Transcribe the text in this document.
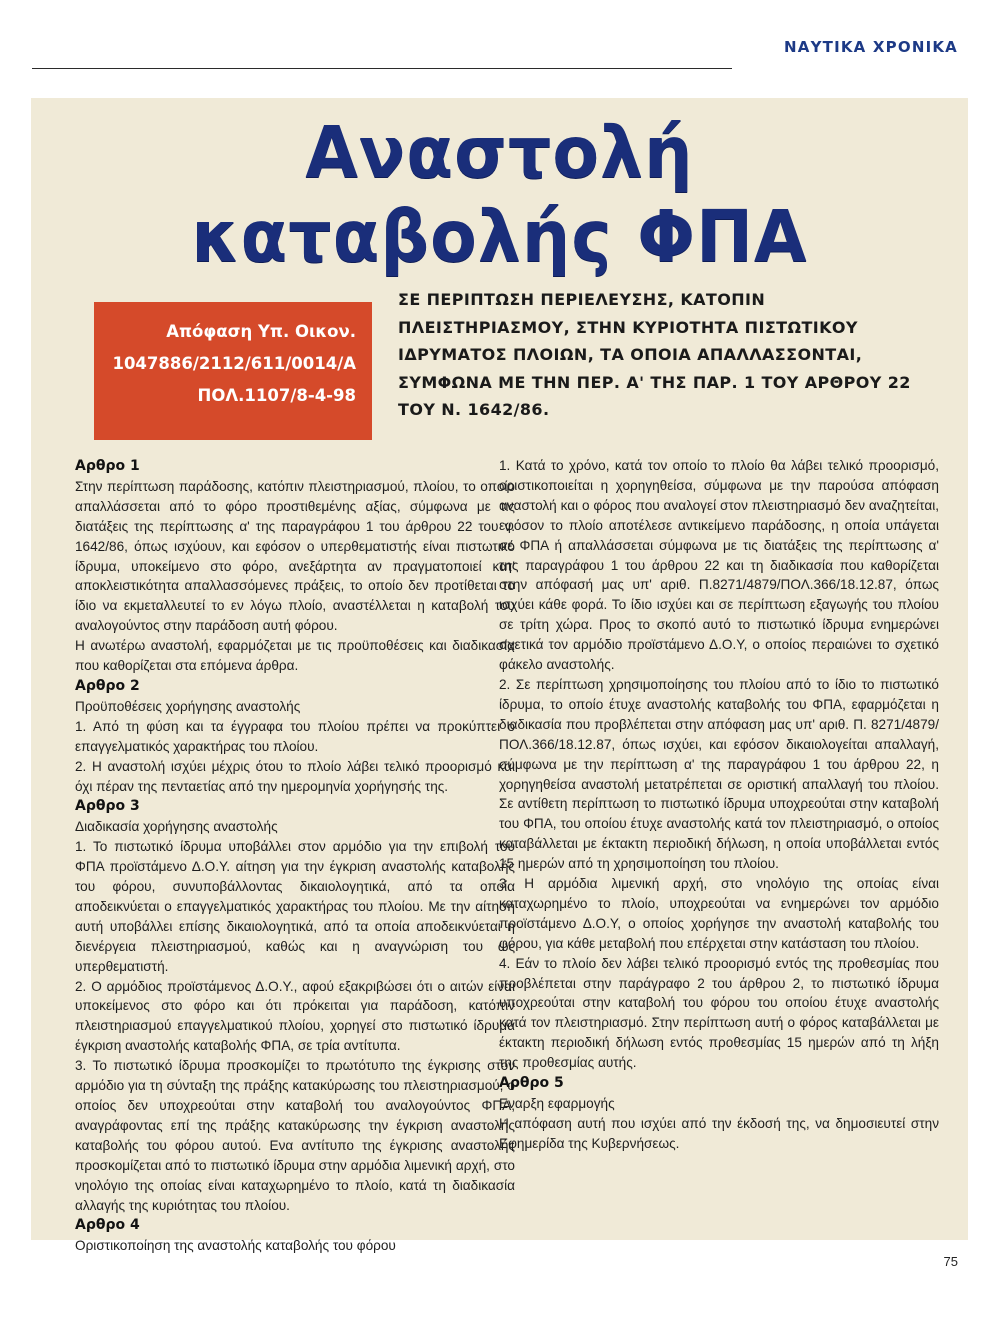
ΝΑΥΤΙΚΑ ΧΡΟΝΙΚΑ
Αναστολή
καταβολής ΦΠΑ
Απόφαση Υπ. Οικον.
1047886/2112/611/0014/Α
ΠΟΛ.1107/8-4-98
ΣΕ ΠΕΡΙΠΤΩΣΗ ΠΕΡΙΕΛΕΥΣΗΣ, ΚΑΤΟΠΙΝ ΠΛΕΙΣΤΗΡΙΑΣΜΟΥ, ΣΤΗΝ ΚΥΡΙΟΤΗΤΑ ΠΙΣΤΩΤΙΚΟΥ ΙΔΡΥΜΑΤΟΣ ΠΛΟΙΩΝ, ΤΑ ΟΠΟΙΑ ΑΠΑΛΛΑΣΣΟΝΤΑΙ, ΣΥΜΦΩΝΑ ΜΕ ΤΗΝ ΠΕΡ. Α' ΤΗΣ ΠΑΡ. 1 ΤΟΥ ΑΡΘΡΟΥ 22 ΤΟΥ Ν. 1642/86.

Αρθρο 1

Στην περίπτωση παράδοσης, κατόπιν πλειστηριασμού, πλοίου, το οποίο απαλλάσσεται από το φόρο προστιθεμένης αξίας, σύμφωνα με τις διατάξεις της περίπτωσης α' της παραγράφου 1 του άρθρου 22 του ν. 1642/86, όπως ισχύουν, και εφόσον ο υπερθεματιστής είναι πιστωτικό ίδρυμα, υποκείμενο στο φόρο, ανεξάρτητα αν πραγματοποιεί κατ' αποκλειστικότητα απαλλασσόμενες πράξεις, το οποίο δεν προτίθεται το ίδιο να εκμεταλλευτεί το εν λόγω πλοίο, αναστέλλεται η καταβολή του αναλογούντος στην παράδοση αυτή φόρου.

Η ανωτέρω αναστολή, εφαρμόζεται με τις προϋποθέσεις και διαδικασία που καθορίζεται στα επόμενα άρθρα.

Αρθρο 2

Προϋποθέσεις χορήγησης αναστολής

1. Από τη φύση και τα έγγραφα του πλοίου πρέπει να προκύπτει ο επαγγελματικός χαρακτήρας του πλοίου.

2. Η αναστολή ισχύει μέχρις ότου το πλοίο λάβει τελικό προορισμό και όχι πέραν της πενταετίας από την ημερομηνία χορήγησής της.

Αρθρο 3

Διαδικασία χορήγησης αναστολής

1. Το πιστωτικό ίδρυμα υποβάλλει στον αρμόδιο για την επιβολή του ΦΠΑ προϊστάμενο Δ.Ο.Υ. αίτηση για την έγκριση αναστολής καταβολής του φόρου, συνυποβάλλοντας δικαιολογητικά, από τα οποία αποδεικνύεται ο επαγγελματικός χαρακτήρας του πλοίου. Με την αίτηση αυτή υποβάλλει επίσης δικαιολογητικά, από τα οποία αποδεικνύεται η διενέργεια πλειστηριασμού, καθώς και η αναγνώριση του ως υπερθεματιστή.

2. Ο αρμόδιος προϊστάμενος Δ.Ο.Υ., αφού εξακριβώσει ότι ο αιτών είναι υποκείμενος στο φόρο και ότι πρόκειται για παράδοση, κατόπιν πλειστηριασμού επαγγελματικού πλοίου, χορηγεί στο πιστωτικό ίδρυμα έγκριση αναστολής καταβολής ΦΠΑ, σε τρία αντίτυπα.

3. Το πιστωτικό ίδρυμα προσκομίζει το πρωτότυπο της έγκρισης στον αρμόδιο για τη σύνταξη της πράξης κατακύρωσης του πλειστηριασμού, ο οποίος δεν υποχρεούται στην καταβολή του αναλογούντος ΦΠΑ, αναγράφοντας επί της πράξης κατακύρωσης την έγκριση αναστολής καταβολής του φόρου αυτού. Ενα αντίτυπο της έγκρισης αναστολής προσκομίζεται από το πιστωτικό ίδρυμα στην αρμόδια λιμενική αρχή, στο νηολόγιο της οποίας είναι καταχωρημένο το πλοίο, κατά τη διαδικασία αλλαγής της κυριότητας του πλοίου.

Αρθρο 4

Οριστικοποίηση της αναστολής καταβολής του φόρου

1. Κατά το χρόνο, κατά τον οποίο το πλοίο θα λάβει τελικό προορισμό, οριστικοποιείται η χορηγηθείσα, σύμφωνα με την παρούσα απόφαση αναστολή και ο φόρος που αναλογεί στον πλειστηριασμό δεν αναζητείται, εφόσον το πλοίο αποτέλεσε αντικείμενο παράδοσης, η οποία υπάγεται σε ΦΠΑ ή απαλλάσσεται σύμφωνα με τις διατάξεις της περίπτωσης α' της παραγράφου 1 του άρθρου 22 και τη διαδικασία που καθορίζεται στην απόφασή μας υπ' αριθ. Π.8271/4879/ΠΟΛ.366/18.12.87, όπως ισχύει κάθε φορά. Το ίδιο ισχύει και σε περίπτωση εξαγωγής του πλοίου σε τρίτη χώρα. Προς το σκοπό αυτό το πιστωτικό ίδρυμα ενημερώνει σχετικά τον αρμόδιο προϊστάμενο Δ.Ο.Υ, ο οποίος περαιώνει το σχετικό φάκελο αναστολής.

2. Σε περίπτωση χρησιμοποίησης του πλοίου από το ίδιο το πιστωτικό ίδρυμα, το οποίο έτυχε αναστολής καταβολής του ΦΠΑ, εφαρμόζεται η διαδικασία που προβλέπεται στην απόφαση μας υπ' αριθ. Π. 8271/4879/ΠΟΛ.366/18.12.87, όπως ισχύει, και εφόσον δικαιολογείται απαλλαγή, σύμφωνα με την περίπτωση α' της παραγράφου 1 του άρθρου 22, η χορηγηθείσα αναστολή μετατρέπεται σε οριστική απαλλαγή του πλοίου. Σε αντίθετη περίπτωση το πιστωτικό ίδρυμα υποχρεούται στην καταβολή του ΦΠΑ, του οποίου έτυχε αναστολής κατά τον πλειστηριασμό, ο οποίος καταβάλλεται με έκτακτη περιοδική δήλωση, η οποία υποβάλλεται εντός 15 ημερών από τη χρησιμοποίηση του πλοίου.

3. Η αρμόδια λιμενική αρχή, στο νηολόγιο της οποίας είναι καταχωρημένο το πλοίο, υποχρεούται να ενημερώνει τον αρμόδιο προϊστάμενο Δ.Ο.Υ, ο οποίος χορήγησε την αναστολή καταβολής του φόρου, για κάθε μεταβολή που επέρχεται στην κατάσταση του πλοίου.

4. Εάν το πλοίο δεν λάβει τελικό προορισμό εντός της προθεσμίας που προβλέπεται στην παράγραφο 2 του άρθρου 2, το πιστωτικό ίδρυμα υποχρεούται στην καταβολή του φόρου του οποίου έτυχε αναστολής κατά τον πλειστηριασμό. Στην περίπτωση αυτή ο φόρος καταβάλλεται με έκτακτη περιοδική δήλωση εντός προθεσμίας 15 ημερών από τη λήξη της προθεσμίας αυτής.

Αρθρο 5

Εναρξη εφαρμογής

Η απόφαση αυτή που ισχύει από την έκδοσή της, να δημοσιευτεί στην Εφημερίδα της Κυβερνήσεως.

75
